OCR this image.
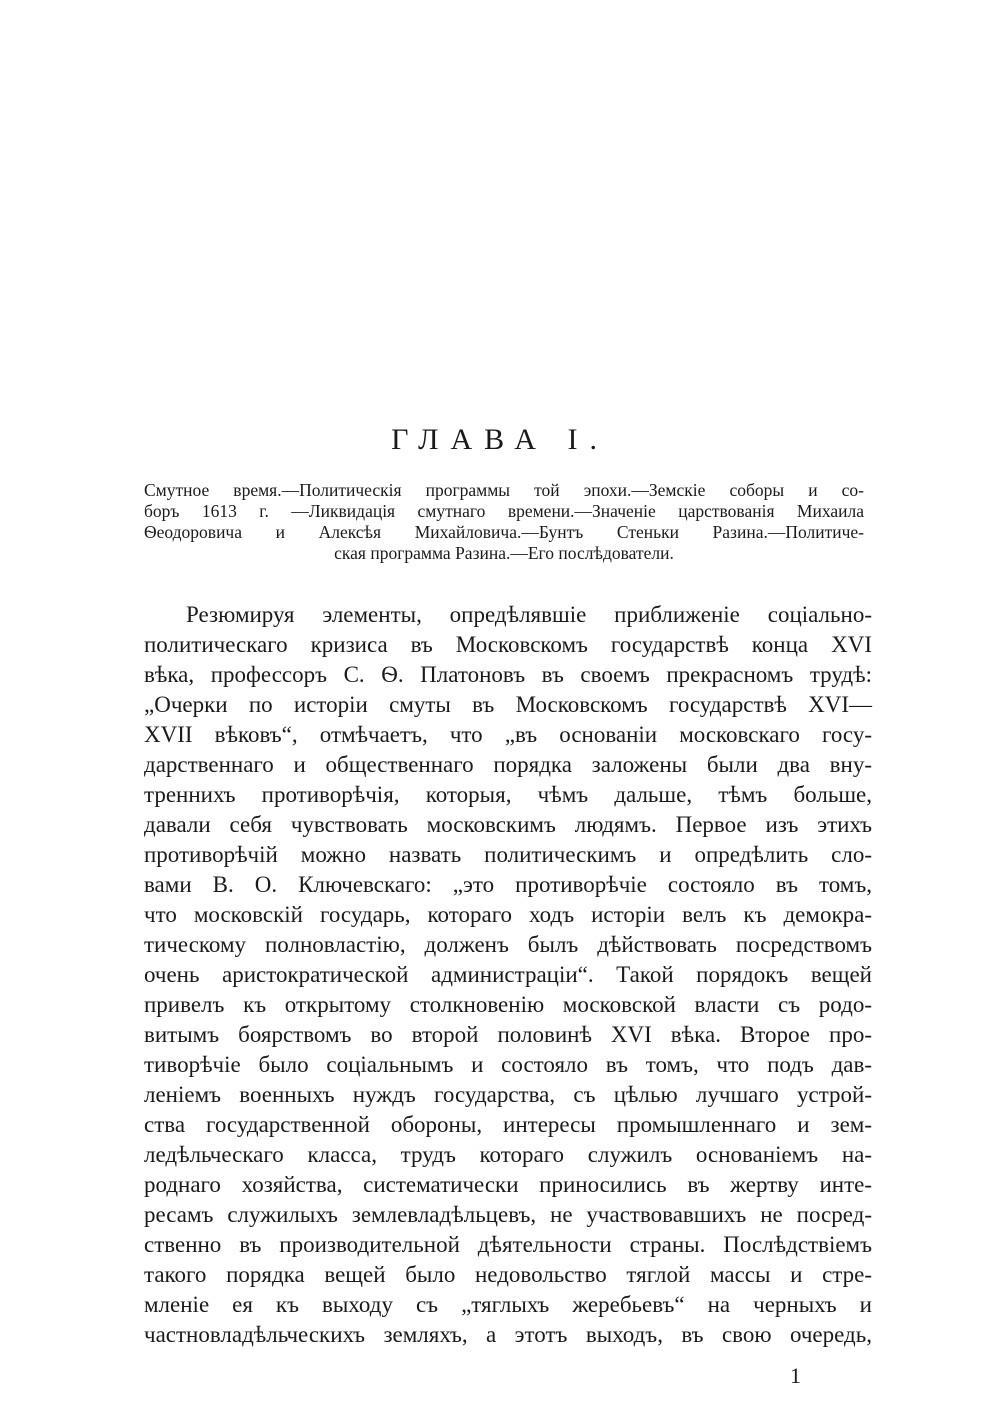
ГЛАВА I.
Смутное время.—Политическія программы той эпохи.—Земскіе соборы и со-
боръ 1613 г. —Ликвидація смутнаго времени.—Значеніе царствованія Михаила
Ѳеодоровича и Алексѣя Михайловича.—Бунтъ Стеньки Разина.—Политиче-
ская программа Разина.—Его послѣдователи.
Резюмируя элементы, опредѣлявшіе приближеніе соціально-
политическаго кризиса въ Московскомъ государствѣ конца XVI
вѣка, профессоръ С. Ѳ. Платоновъ въ своемъ прекрасномъ трудѣ:
„Очерки по исторіи смуты въ Московскомъ государствѣ XVI—
XVII вѣковъ“, отмѣчаетъ, что „въ основаніи московскаго госу-
дарственнаго и общественнаго порядка заложены были два вну-
треннихъ противорѣчія, которыя, чѣмъ дальше, тѣмъ больше,
давали себя чувствовать московскимъ людямъ. Первое изъ этихъ
противорѣчій можно назвать политическимъ и опредѣлить сло-
вами В. О. Ключевскаго: „это противорѣчіе состояло въ томъ,
что московскій государь, котораго ходъ исторіи велъ къ демокра-
тическому полновластію, долженъ былъ дѣйствовать посредствомъ
очень аристократической администраціи“. Такой порядокъ вещей
привелъ къ открытому столкновенію московской власти съ родо-
витымъ боярствомъ во второй половинѣ XVI вѣка. Второе про-
тиворѣчіе было соціальнымъ и состояло въ томъ, что подъ дав-
леніемъ военныхъ нуждъ государства, съ цѣлью лучшаго устрой-
ства государственной обороны, интересы промышленнаго и зем-
ледѣльческаго класса, трудъ котораго служилъ основаніемъ на-
роднаго хозяйства, систематически приносились въ жертву инте-
ресамъ служилыхъ землевладѣльцевъ, не участвовавшихъ не посред-
ственно въ производительной дѣятельности страны. Послѣдствіемъ
такого порядка вещей было недовольство тяглой массы и стре-
мленіе ея къ выходу съ „тяглыхъ жеребьевъ“ на черныхъ и
частновладѣльческихъ земляхъ, а этотъ выходъ, въ свою очередь,
1
